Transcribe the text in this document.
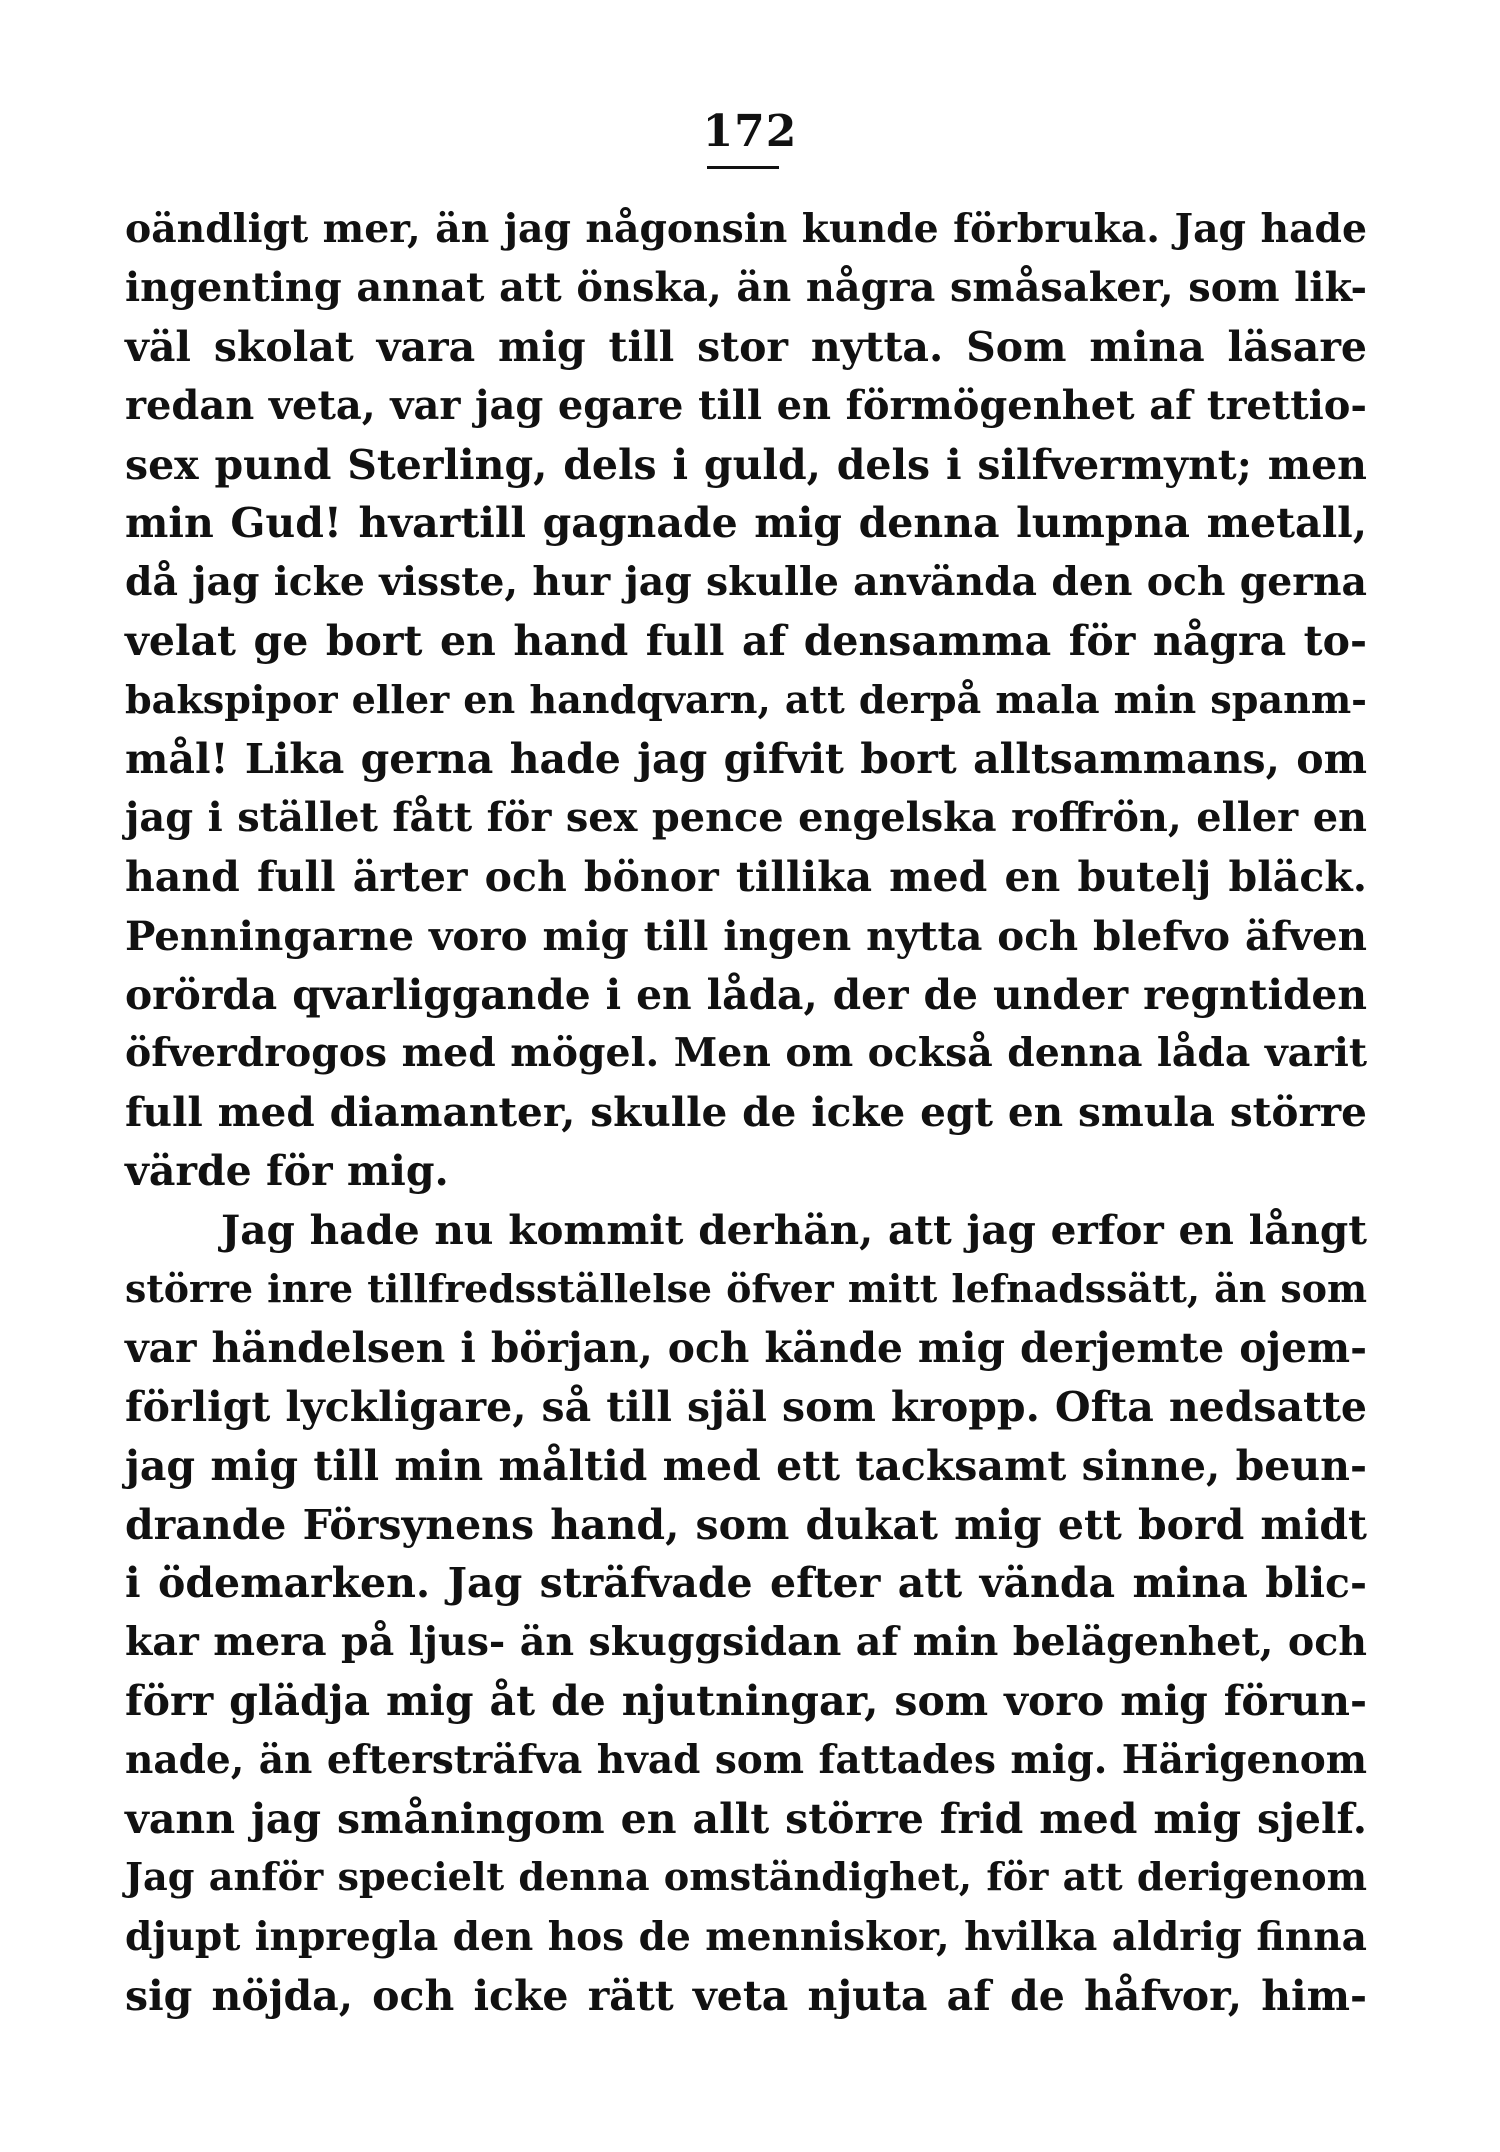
172
oändligt mer, än jag någonsin kunde förbruka. Jag hade
ingenting annat att önska, än några småsaker, som lik-
väl skolat vara mig till stor nytta. Som mina läsare
redan veta, var jag egare till en förmögenhet af trettio-
sex pund Sterling, dels i guld, dels i silfvermynt; men
min Gud! hvartill gagnade mig denna lumpna metall,
då jag icke visste, hur jag skulle använda den och gerna
velat ge bort en hand full af densamma för några to-
bakspipor eller en handqvarn, att derpå mala min spanm-
mål! Lika gerna hade jag gifvit bort alltsammans, om
jag i stället fått för sex pence engelska roffrön, eller en
hand full ärter och bönor tillika med en butelj bläck.
Penningarne voro mig till ingen nytta och blefvo äfven
orörda qvarliggande i en låda, der de under regntiden
öfverdrogos med mögel. Men om också denna låda varit
full med diamanter, skulle de icke egt en smula större
värde för mig.
Jag hade nu kommit derhän, att jag erfor en långt
större inre tillfredsställelse öfver mitt lefnadssätt, än som
var händelsen i början, och kände mig derjemte ojem-
förligt lyckligare, så till själ som kropp. Ofta nedsatte
jag mig till min måltid med ett tacksamt sinne, beun-
drande Försynens hand, som dukat mig ett bord midt
i ödemarken. Jag sträfvade efter att vända mina blic-
kar mera på ljus- än skuggsidan af min belägenhet, och
förr glädja mig åt de njutningar, som voro mig förun-
nade, än eftersträfva hvad som fattades mig. Härigenom
vann jag småningom en allt större frid med mig sjelf.
Jag anför specielt denna omständighet, för att derigenom
djupt inpregla den hos de menniskor, hvilka aldrig finna
sig nöjda, och icke rätt veta njuta af de håfvor, him-
